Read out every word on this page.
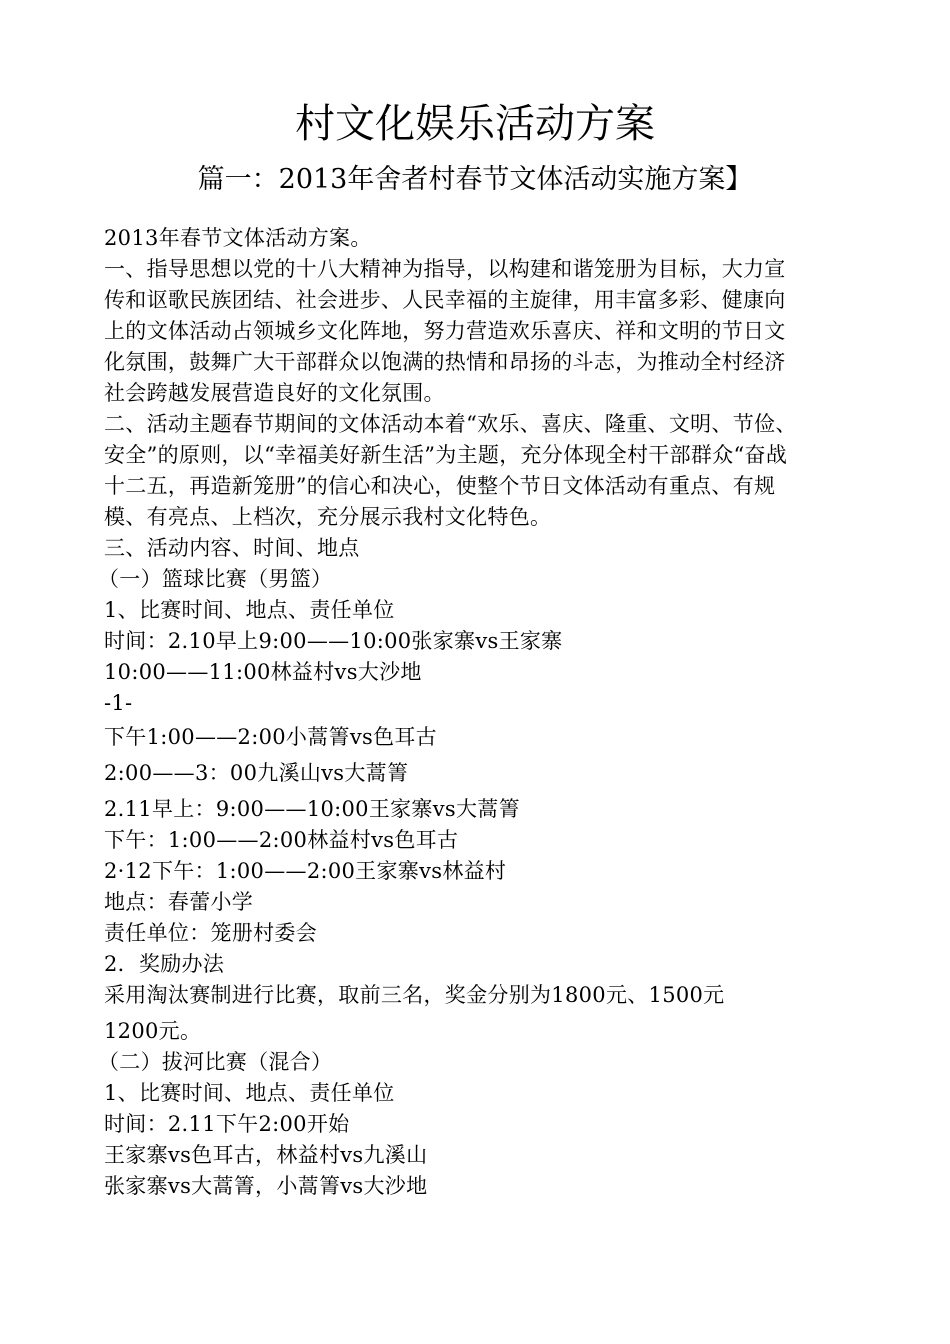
村文化娱乐活动方案
篇一：2013年舍者村春节文体活动实施方案】
2013年春节文体活动方案。
一、指导思想以党的十八大精神为指导，以构建和谐笼册为目标，大力宣
传和讴歌民族团结、社会进步、人民幸福的主旋律，用丰富多彩、健康向
上的文体活动占领城乡文化阵地，努力营造欢乐喜庆、祥和文明的节日文
化氛围，鼓舞广大干部群众以饱满的热情和昂扬的斗志，为推动全村经济
社会跨越发展营造良好的文化氛围。
二、活动主题春节期间的文体活动本着“欢乐、喜庆、隆重、文明、节俭、
安全”的原则，以“幸福美好新生活”为主题，充分体现全村干部群众“奋战
十二五，再造新笼册”的信心和决心，使整个节日文体活动有重点、有规
模、有亮点、上档次，充分展示我村文化特色。
三、活动内容、时间、地点
（一）篮球比赛（男篮）
1、比赛时间、地点、责任单位
时间：2.10早上9:00——10:00张家寨vs王家寨
10:00——11:00林益村vs大沙地
-1-
下午1:00——2:00小蒿箐vs色耳古
2:00——3：00九溪山vs大蒿箐
2.11早上：9:00——10:00王家寨vs大蒿箐
下午：1:00——2:00林益村vs色耳古
2·12下午：1:00——2:00王家寨vs林益村
地点：春蕾小学
责任单位：笼册村委会
2．奖励办法
采用淘汰赛制进行比赛，取前三名，奖金分别为1800元、1500元
1200元。
（二）拔河比赛（混合）
1、比赛时间、地点、责任单位
时间：2.11下午2:00开始
王家寨vs色耳古，林益村vs九溪山
张家寨vs大蒿箐，小蒿箐vs大沙地
